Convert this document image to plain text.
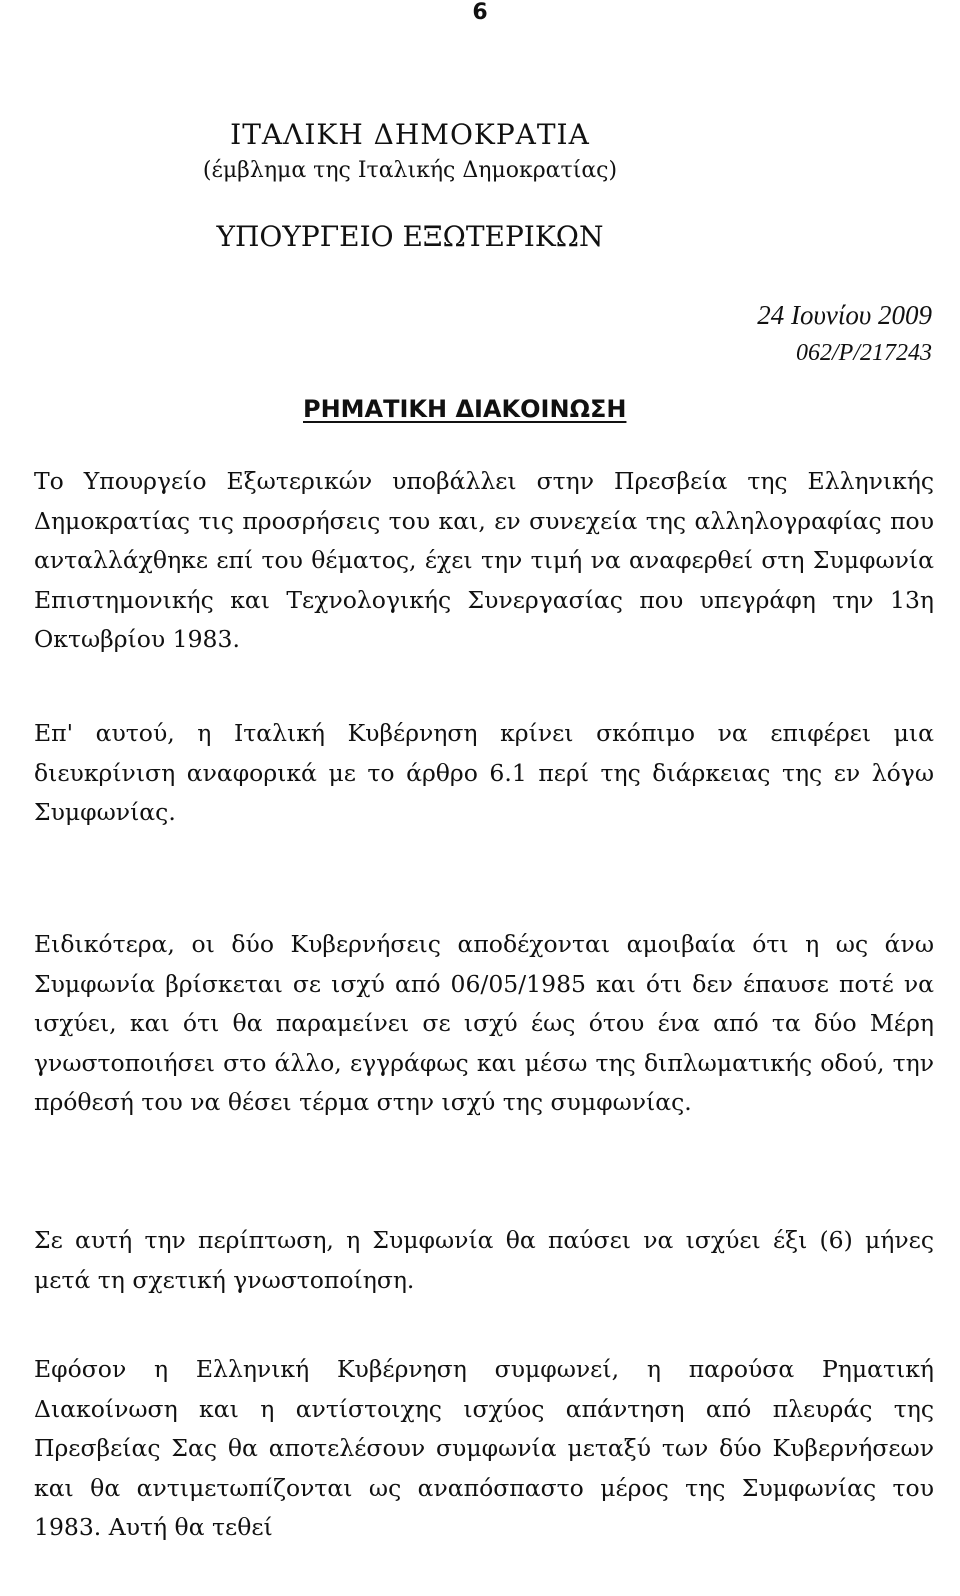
6
ΙΤΑΛΙΚΗ ΔΗΜΟΚΡΑΤΙΑ
(έμβλημα της Ιταλικής Δημοκρατίας)
ΥΠΟΥΡΓΕΙΟ ΕΞΩΤΕΡΙΚΩΝ
24 Ιουνίου 2009
062/P/217243
ΡΗΜΑΤΙΚΗ ΔΙΑΚΟΙΝΩΣΗ
Το Υπουργείο Εξωτερικών υποβάλλει στην Πρεσβεία της Ελληνικής Δημοκρατίας τις προσρήσεις του και, εν συνεχεία της αλληλογραφίας που ανταλλάχθηκε επί του θέματος, έχει την τιμή να αναφερθεί στη Συμφωνία Επιστημονικής και Τεχνολογικής Συνεργασίας που υπεγράφη την 13η Οκτωβρίου 1983.
Επ' αυτού, η Ιταλική Κυβέρνηση κρίνει σκόπιμο να επιφέρει μια διευκρίνιση αναφορικά με το άρθρο 6.1 περί της διάρκειας της εν λόγω Συμφωνίας.
Ειδικότερα, οι δύο Κυβερνήσεις αποδέχονται αμοιβαία ότι η ως άνω Συμφωνία βρίσκεται σε ισχύ από 06/05/1985 και ότι δεν έπαυσε ποτέ να ισχύει, και ότι θα παραμείνει σε ισχύ έως ότου ένα από τα δύο Μέρη γνωστοποιήσει στο άλλο, εγγράφως και μέσω της διπλωματικής οδού, την πρόθεσή του να θέσει τέρμα στην ισχύ της συμφωνίας.
Σε αυτή την περίπτωση, η Συμφωνία θα παύσει να ισχύει έξι (6) μήνες μετά τη σχετική γνωστοποίηση.
Εφόσον η Ελληνική Κυβέρνηση συμφωνεί, η παρούσα Ρηματική Διακοίνωση και η αντίστοιχης ισχύος απάντηση από πλευράς της Πρεσβείας Σας θα αποτελέσουν συμφωνία μεταξύ των δύο Κυβερνήσεων και θα αντιμετωπίζονται ως αναπόσπαστο μέρος της Συμφωνίας του 1983. Αυτή θα τεθεί
